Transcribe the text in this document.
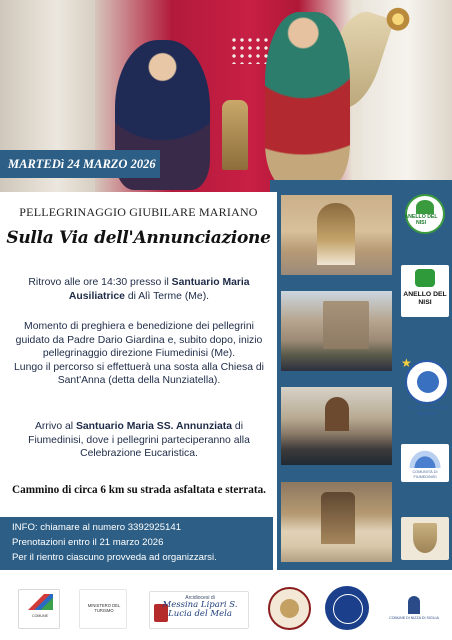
MARTEDì 24 MARZO 2026
PELLEGRINAGGIO GIUBILARE MARIANO
Sulla Via dell'Annunciazione
Ritrovo alle ore 14:30 presso il Santuario Maria Ausiliatrice di Alì Terme (Me).
Momento di preghiera e benedizione dei pellegrini guidato da Padre Dario Giardina e, subito dopo, inizio pellegrinaggio direzione Fiumedinisi (Me).
Lungo il percorso si effettuerà una sosta alla Chiesa di Sant'Anna (detta della Nunziatella).
Arrivo al Santuario Maria SS. Annunziata di Fiumedinisi, dove i pellegrini parteciperanno alla Celebrazione Eucaristica.
Cammino di circa 6 km su strada asfaltata e sterrata.
INFO: chiamare al numero 3392925141
Prenotazioni entro il 21 marzo 2026
Per il rientro ciascuno provveda ad organizzarsi.
ANELLO DEL NISI
ANELLO DEL NISI
★
VIA DEI SANTUARI MARIANI
COMUNITÀ DI FIUMEDINISI
COMUNE
MINISTERO DEL TURISMO
Arcidiocesi di
Messina Lipari S. Lucia del Mela	COMUNE DI NIZZA DI SICILIA
